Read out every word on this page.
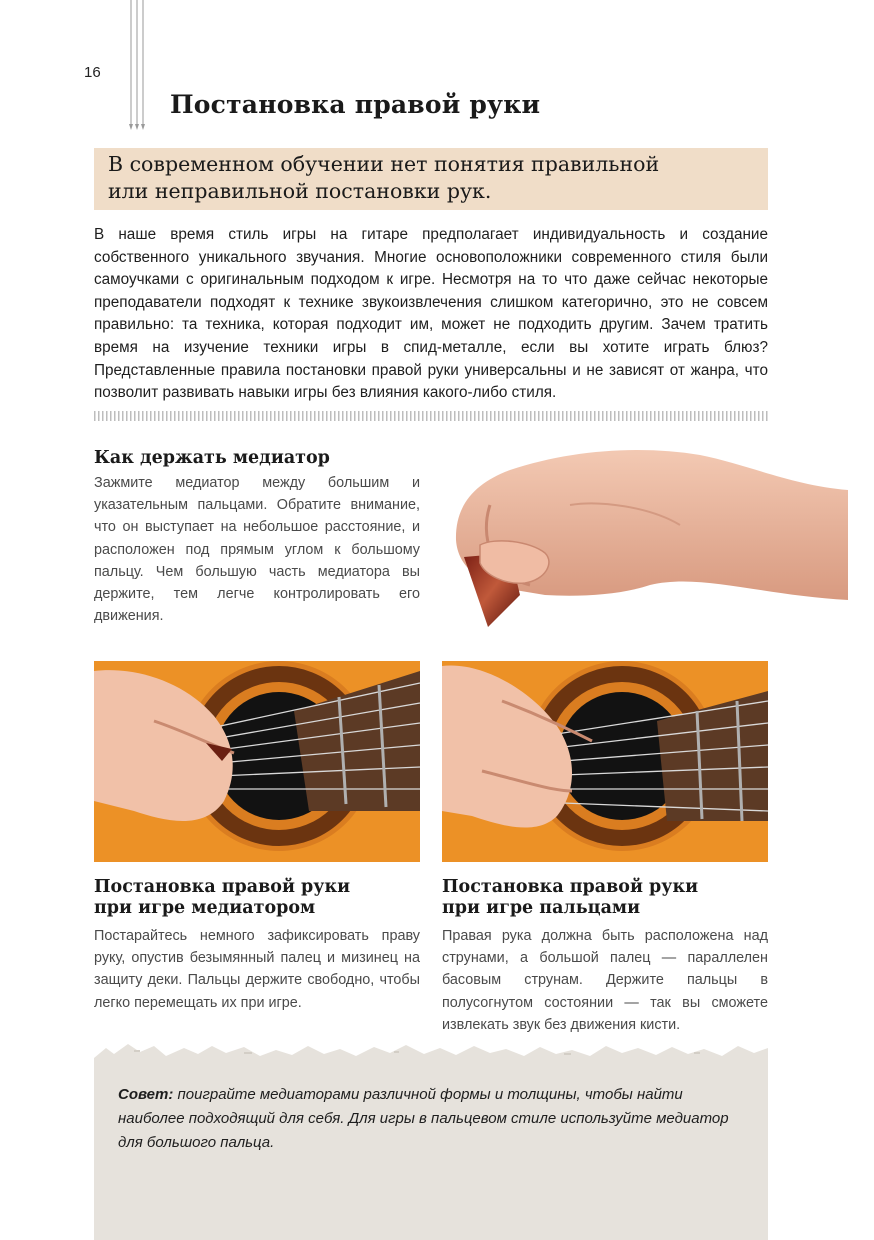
16
Постановка правой руки
В современном обучении нет понятия правильной
или неправильной постановки рук.

В наше время стиль игры на гитаре предполагает индивидуальность и создание собственного уникального звучания. Многие основоположники современного стиля были самоучками с оригинальным подходом к игре. Несмотря на то что даже сейчас некоторые преподаватели подходят к технике звукоизвлечения слишком категорично, это не совсем правильно: та техника, которая подходит им, может не подходить другим. Зачем тратить время на изучение техники игры в спид-металле, если вы хотите играть блюз? Представленные правила постановки правой руки универсальны и не зависят от жанра, что позволит развивать навыки игры без влияния какого-либо стиля.

Как держать медиатор

Зажмите медиатор между большим и указательным пальцами. Обратите внимание, что он выступает на небольшое расстояние, и расположен под прямым углом к большому пальцу. Чем большую часть медиатора вы держите, тем легче контролировать его движения.

Постановка правой руки
при игре медиатором

Постарайтесь немного зафиксировать праву руку, опустив безымянный палец и мизинец на защиту деки. Пальцы держите свободно, чтобы легко перемещать их при игре.

Постановка правой руки
при игре пальцами

Правая рука должна быть расположена над струнами, а большой палец — параллелен басовым струнам. Держите пальцы в полусогнутом состоянии — так вы сможете извлекать звук без движения кисти.

Совет: поиграйте медиаторами различной формы и толщины, чтобы найти наиболее подходящий для себя. Для игры в пальцевом стиле используйте медиатор для большого пальца.
